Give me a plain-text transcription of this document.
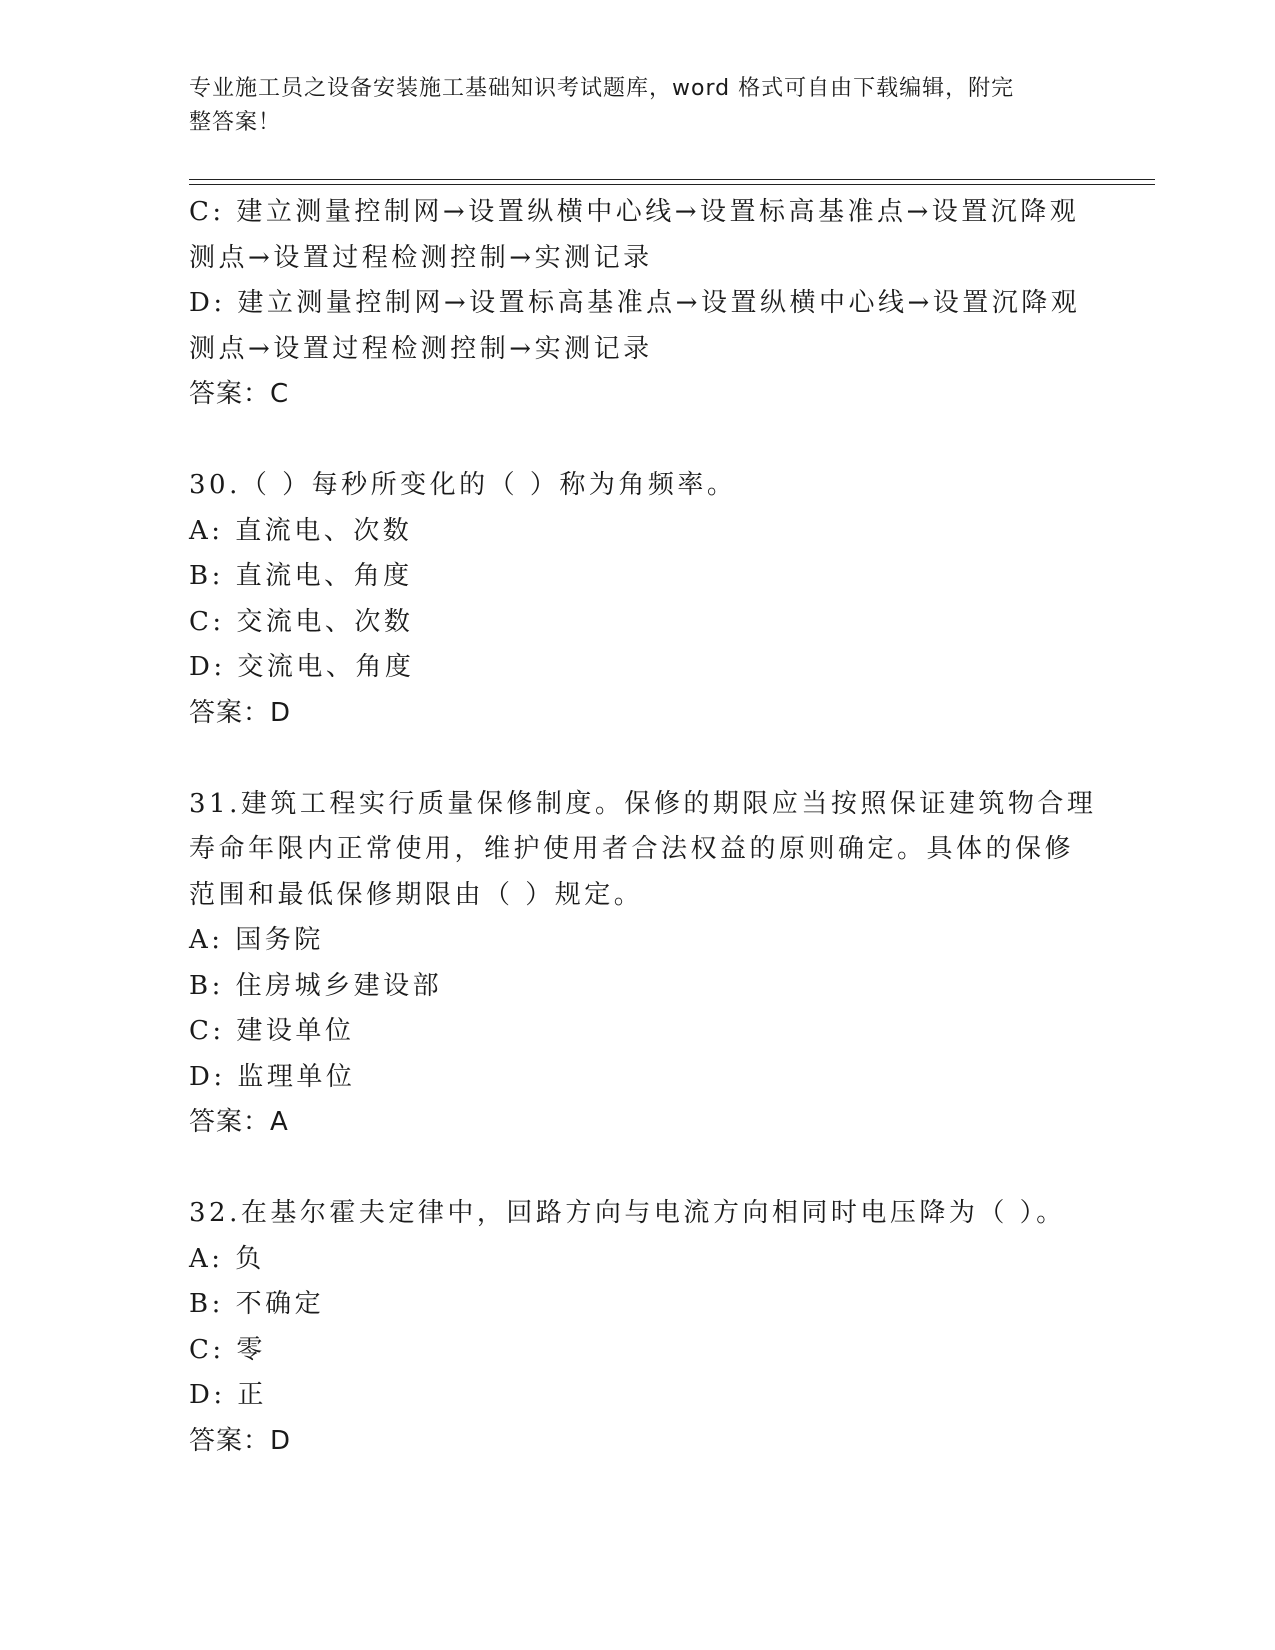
专业施工员之设备安装施工基础知识考试题库，word 格式可自由下载编辑，附完
整答案！
C: 建立测量控制网→设置纵横中心线→设置标高基准点→设置沉降观
测点→设置过程检测控制→实测记录
D: 建立测量控制网→设置标高基准点→设置纵横中心线→设置沉降观
测点→设置过程检测控制→实测记录
答案：C
30.（ ）每秒所变化的（ ）称为角频率。
A: 直流电、次数
B: 直流电、角度
C: 交流电、次数
D: 交流电、角度
答案：D
31.建筑工程实行质量保修制度。保修的期限应当按照保证建筑物合理
寿命年限内正常使用，维护使用者合法权益的原则确定。具体的保修
范围和最低保修期限由（ ）规定。
A: 国务院
B: 住房城乡建设部
C: 建设单位
D: 监理单位
答案：A
32.在基尔霍夫定律中，回路方向与电流方向相同时电压降为（ ）。
A: 负
B: 不确定
C: 零
D: 正
答案：D
